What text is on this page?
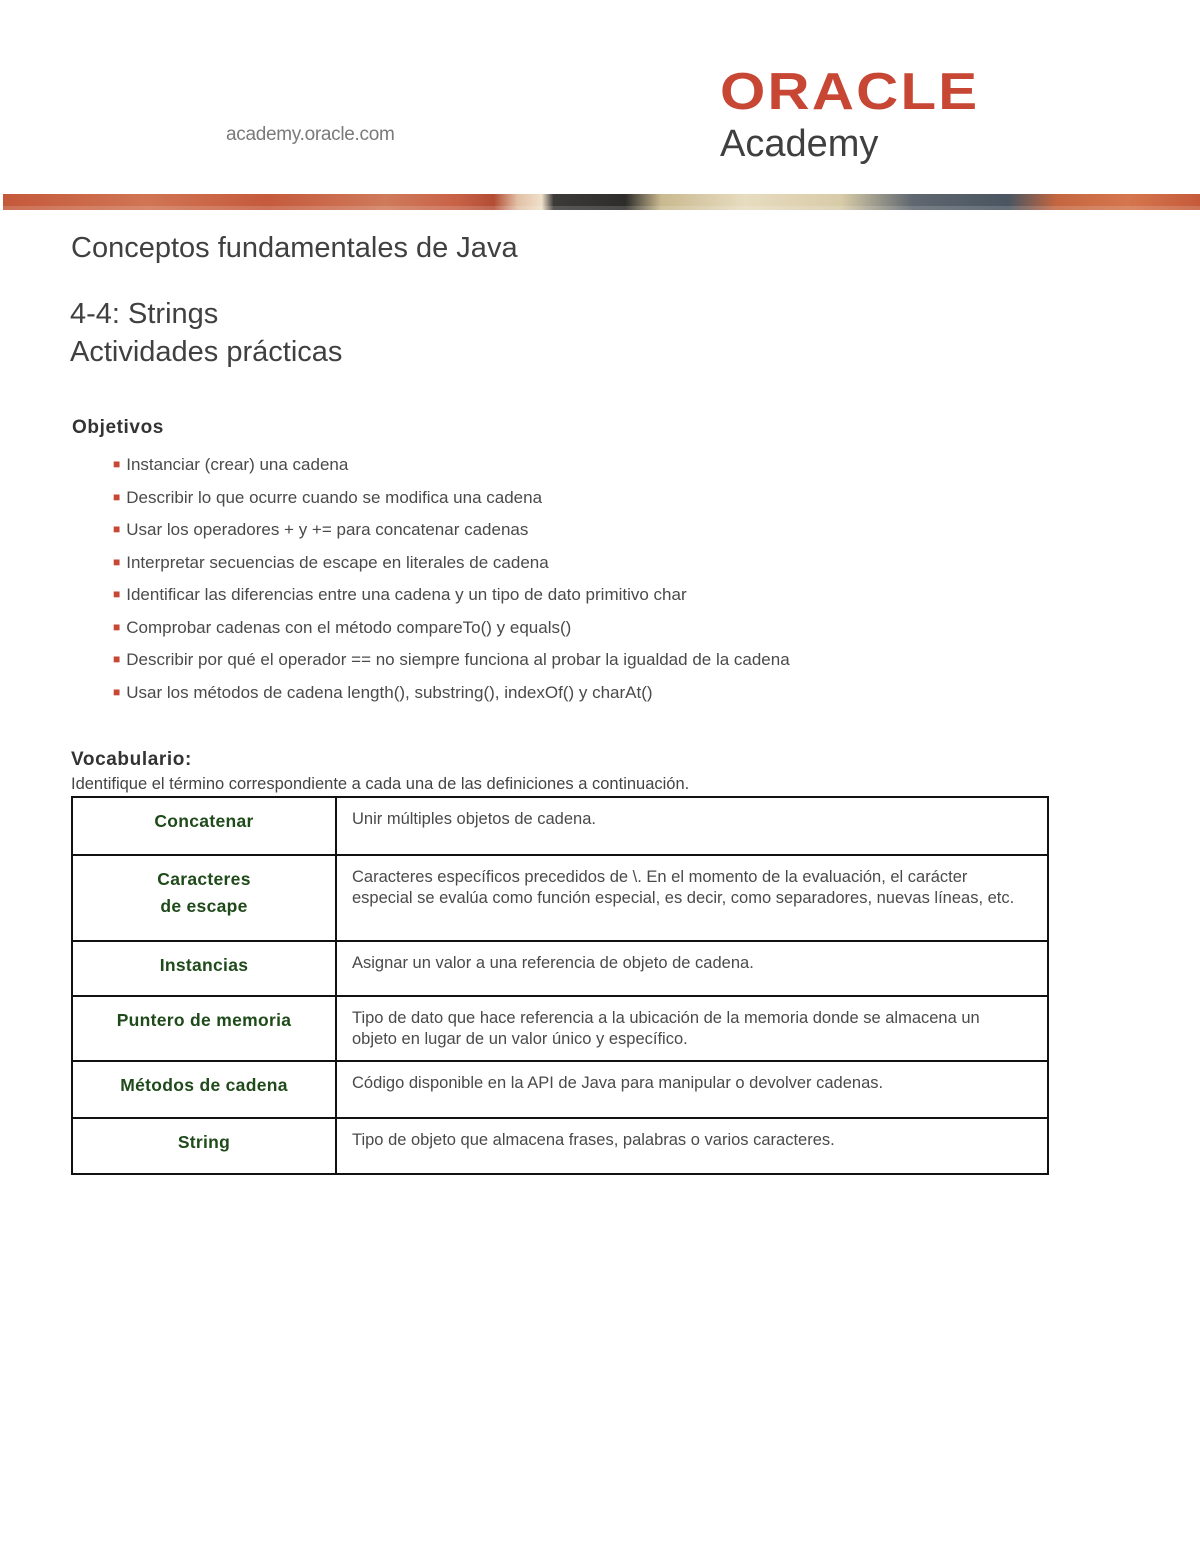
academy.oracle.com
ORACLE
Academy
Conceptos fundamentales de Java
4-4: Strings
Actividades prácticas
Objetivos
■ Instanciar (crear) una cadena
■ Describir lo que ocurre cuando se modifica una cadena
■ Usar los operadores + y += para concatenar cadenas
■ Interpretar secuencias de escape en literales de cadena
■ Identificar las diferencias entre una cadena y un tipo de dato primitivo char
■ Comprobar cadenas con el método compareTo() y equals()
■ Describir por qué el operador == no siempre funciona al probar la igualdad de la cadena
■ Usar los métodos de cadena length(), substring(), indexOf() y charAt()
Vocabulario:
Identifique el término correspondiente a cada una de las definiciones a continuación.
Concatenar	Unir múltiples objetos de cadena.
Caracteres
de escape	Caracteres específicos precedidos de \. En el momento de la evaluación, el carácter especial se evalúa como función especial, es decir, como separadores, nuevas líneas, etc.
Instancias	Asignar un valor a una referencia de objeto de cadena.
Puntero de memoria	Tipo de dato que hace referencia a la ubicación de la memoria donde se almacena un objeto en lugar de un valor único y específico.
Métodos de cadena	Código disponible en la API de Java para manipular o devolver cadenas.
String	Tipo de objeto que almacena frases, palabras o varios caracteres.
